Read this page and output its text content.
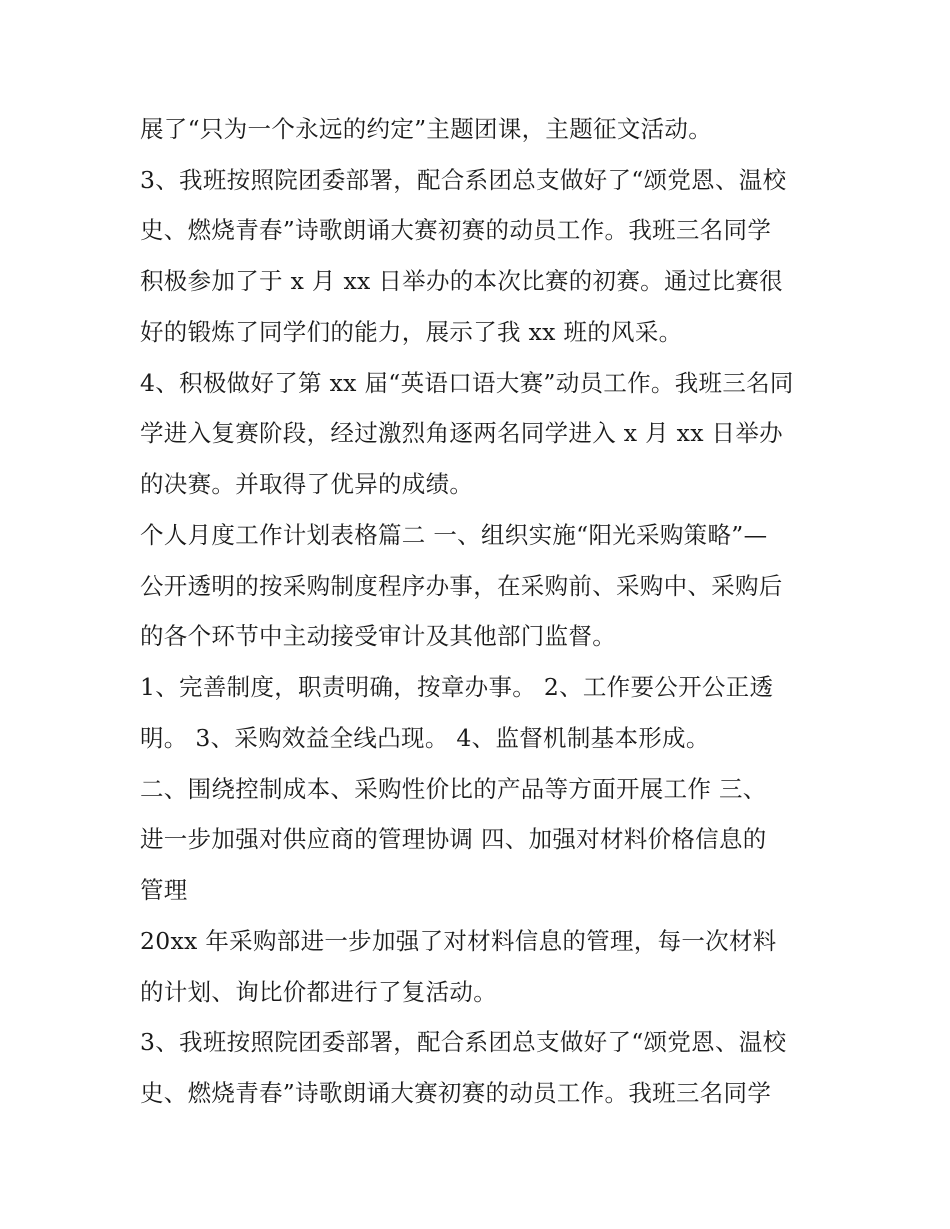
展了“只为一个永远的约定”主题团课，主题征文活动。
3、我班按照院团委部署，配合系团总支做好了“颂党恩、温校
史、燃烧青春”诗歌朗诵大赛初赛的动员工作。我班三名同学
积极参加了于 x 月 xx 日举办的本次比赛的初赛。通过比赛很
好的锻炼了同学们的能力，展示了我 xx 班的风采。
4、积极做好了第 xx 届“英语口语大赛”动员工作。我班三名同
学进入复赛阶段，经过激烈角逐两名同学进入 x 月 xx 日举办
的决赛。并取得了优异的成绩。
个人月度工作计划表格篇二 一、组织实施“阳光采购策略”—
公开透明的按采购制度程序办事，在采购前、采购中、采购后
的各个环节中主动接受审计及其他部门监督。
1、完善制度，职责明确，按章办事。 2、工作要公开公正透
明。 3、采购效益全线凸现。 4、监督机制基本形成。
二、围绕控制成本、采购性价比的产品等方面开展工作 三、
进一步加强对供应商的管理协调 四、加强对材料价格信息的
管理
20xx 年采购部进一步加强了对材料信息的管理，每一次材料
的计划、询比价都进行了复活动。
3、我班按照院团委部署，配合系团总支做好了“颂党恩、温校
史、燃烧青春”诗歌朗诵大赛初赛的动员工作。我班三名同学
